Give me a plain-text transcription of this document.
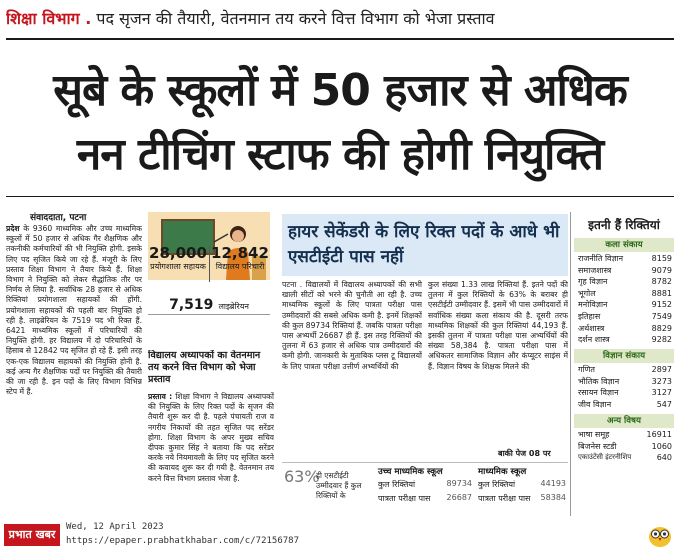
शिक्षा विभाग . पद सृजन की तैयारी, वेतनमान तय करने वित्त विभाग को भेजा प्रस्ताव
सूबे के स्कूलों में 50 हजार से अधिक
नन टीचिंग स्टाफ की होगी नियुक्ति
संवाददाता, पटना
प्रदेश के 9360 माध्यमिक और उच्च माध्यमिक स्कूलों में 50 हजार से अधिक गैर शैक्षणिक और तकनीकी कर्मचारियों की भी नियुक्ति होगी. इसके लिए पद सृजित किये जा रहे हैं. मंजूरी के लिए प्रस्ताव शिक्षा विभाग ने तैयार किये हैं. शिक्षा विभाग ने नियुक्ति को लेकर सैद्धांतिक तौर पर निर्णय ले लिया है. सर्वाधिक 28 हजार से अधिक रिक्तियां प्रयोगशाला सहायकों की होंगी. प्रयोगशाला सहायकों की पहली बार नियुक्ति हो रही है. लाइब्रेरियन के 7519 पद भी रिक्त हैं. 6421 माध्यमिक स्कूलों में परिचारियों की नियुक्ति होगी. हर विद्यालय में दो परिचारियों के हिसाब से 12842 पद सृजित हो रहे हैं. इसी तरह एक-एक विद्यालय सहायकों की नियुक्ति होनी है. कई अन्य गैर शैक्षणिक पदों पर नियुक्ति की तैयारी की जा रही है. इन पदों के लिए विभाग विभिन्न स्टेप में हैं.
28,000
प्रयोगशाला सहायक
12,842
विद्यालय परिचारी
7,519 लाइब्रेरियन
विद्यालय अध्यापकों का वेतनमान तय करने वित्त विभाग को भेजा प्रस्ताव
प्रस्ताव : शिक्षा विभाग ने विद्यालय अध्यापकों की नियुक्ति के लिए रिक्त पदों के सृजन की तैयारी शुरू कर दी है. पहले पंचायती राज व नगरीय निकायों की तहत सृजित पद सरेंडर होगा. शिक्षा विभाग के अपर मुख्य सचिव दीपक कुमार सिंह ने बताया कि पद सरेंडर करके नये नियमावली के लिए पद सृजित करने की कवायद शुरू कर दी गयी है. वेतनमान तय करने वित्त विभाग प्रस्ताव भेजा है.
हायर सेकेंडरी के लिए रिक्त पदों के आधे भी एसटीईटी पास नहीं
पटना . विद्यालयों में विद्यालय अध्यापकों की सभी खाली सीटों को भरने की चुनौती आ रही है. उच्च माध्यमिक स्कूलों के लिए पात्रता परीक्षा पास उम्मीदवारों की सबसे अधिक कमी है. इनमें शिक्षकों की कुल 89734 रिक्तियां हैं. जबकि पात्रता परीक्षा पास अभ्यर्थी 26687 ही हैं. इस तरह रिक्तियों की तुलना में 63 हजार से अधिक पात्र उम्मीदवारों की कमी होगी. जानकारी के मुताबिक प्लस टू विद्यालयों के लिए पात्रता परीक्षा उत्तीर्ण अभ्यर्थियों की
कुल संख्या 1.33 लाख रिक्तियां हैं. इतने पदों की तुलना में कुल रिक्तियों के 63% के बराबर ही एसटीईटी उम्मीदवार हैं. इसमें भी पास उम्मीदवारों में सर्वाधिक संख्या कला संकाय की है. दूसरी तरफ माध्यमिक शिक्षकों की कुल रिक्तियां 44,193 हैं. इसकी तुलना में पात्रता परीक्षा पास अभ्यर्थियों की संख्या 58,384 है. पात्रता परीक्षा पास में अधिकतर सामाजिक विज्ञान और कंप्यूटर साइंस में हैं. विज्ञान विषय के शिक्षक मिलने की
बाकी पेज 08 पर
63%
ही एसटीईटी उम्मीदवार हैं कुल रिक्तियों के
उच्च माध्यमिक स्कूल
कुल रिक्तियां	89734
पात्रता परीक्षा पास	26687
माध्यमिक स्कूल
कुल रिक्तियां	44193
पात्रता परीक्षा पास	58384
इतनी हैं रिक्तियां
कला संकाय
राजनीति विज्ञान	8159
समाजशास्त्र	9079
गृह विज्ञान	8782
भूगोल	8881
मनोविज्ञान	9152
इतिहास	7549
अर्थशास्त्र	8829
दर्शन शास्त्र	9282
विज्ञान संकाय
गणित	2897
भौतिक विज्ञान	3273
रसायन विज्ञान	3127
जीव विज्ञान	547
अन्य विषय
भाषा समूह	16911
बिजनेस स्टडी	1060
एकाउंटेंसी इंटरनीशिप	640
प्रभात खबर
Wed, 12 April 2023
https://epaper.prabhatkhabar.com/c/72156787
